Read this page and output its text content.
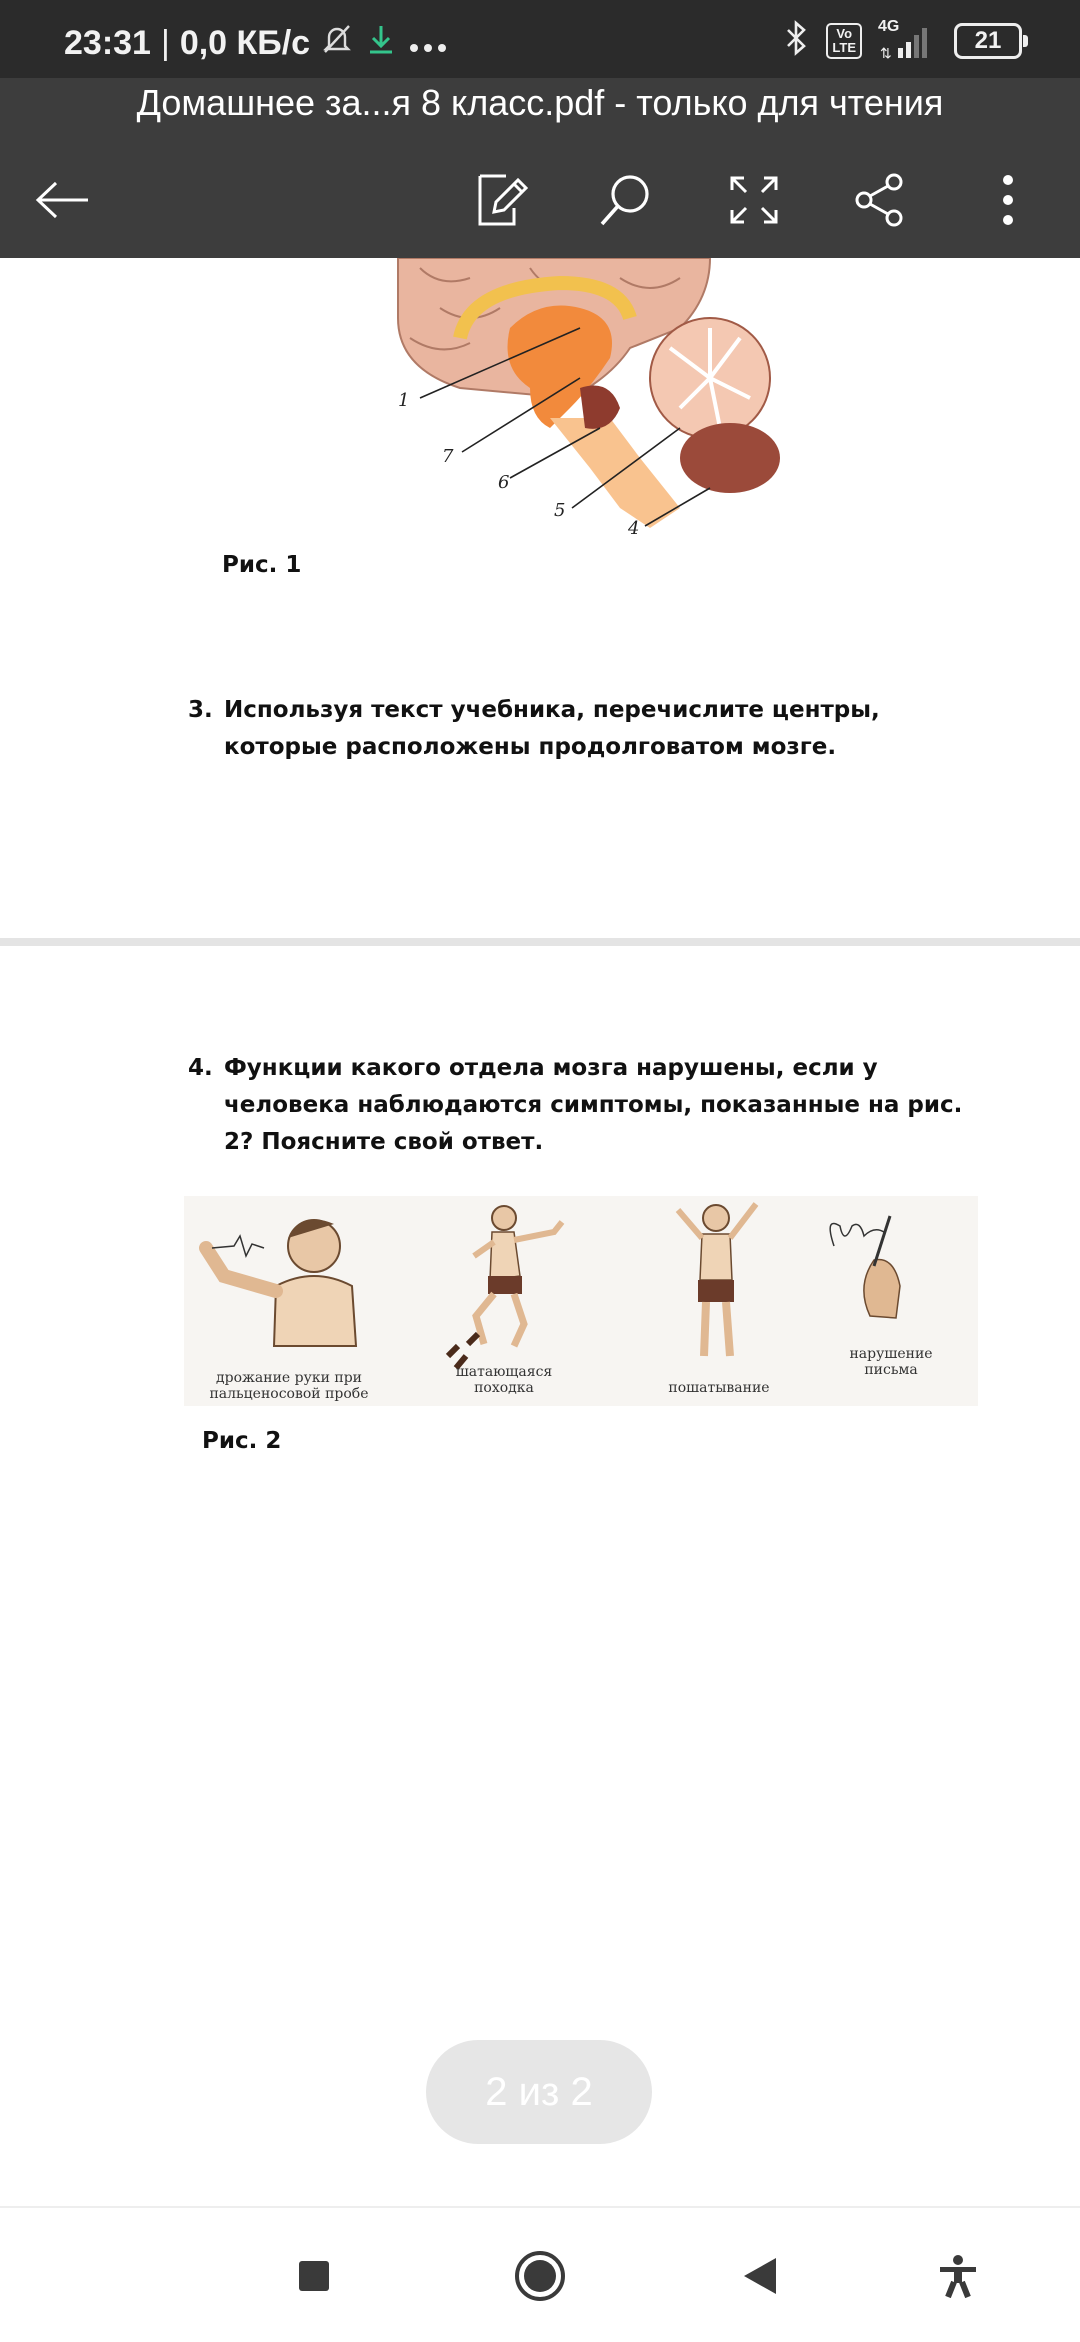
23:31 | 0,0 КБ/с	Vo
LTE
4G
⇅	21
Домашнее за...я 8 класс.pdf - только для чтения
1
7
6
5
4
Рис. 1
3. Используя текст учебника, перечислите центры, которые расположены продолговатом мозге.
4. Функции какого отдела мозга нарушены, если у человека наблюдаются симптомы, показанные на рис. 2? Поясните свой ответ.
дрожание руки при пальценосовой пробе
шатающаяся походка	пошатывание
нарушение письма
Рис. 2
2 из 2
